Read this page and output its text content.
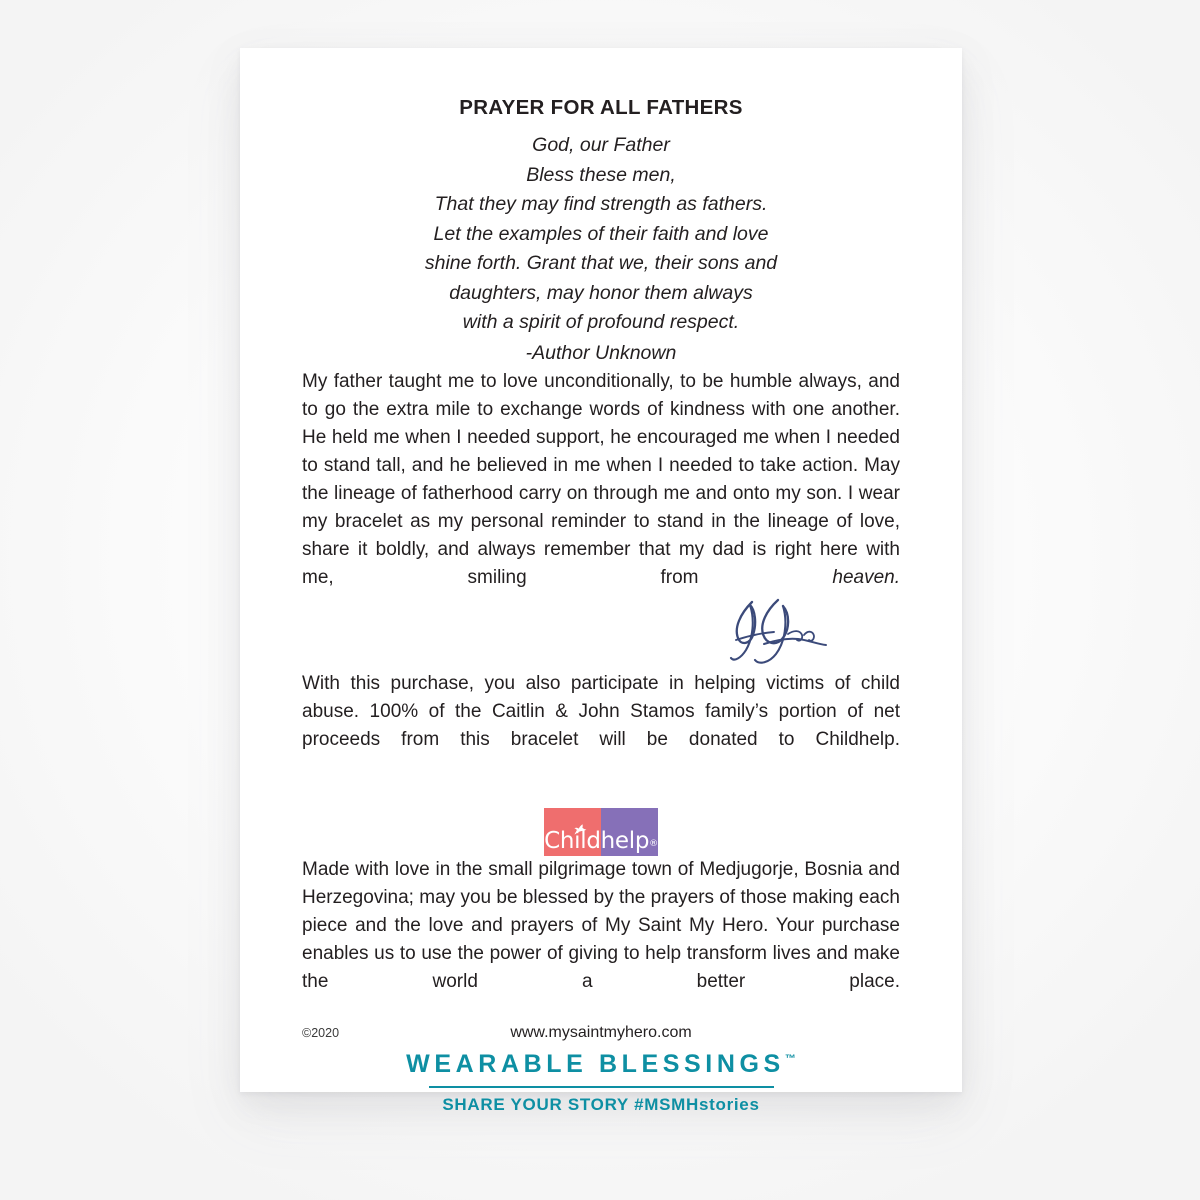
PRAYER FOR ALL FATHERS
God, our Father
Bless these men,
That they may find strength as fathers.
Let the examples of their faith and love
shine forth. Grant that we, their sons and
daughters, may honor them always
with a spirit of profound respect.
-Author Unknown

My father taught me to love unconditionally, to be humble always, and to go the extra mile to exchange words of kindness with one another. He held me when I needed support, he encouraged me when I needed to stand tall, and he believed in me when I needed to take action. May the lineage of fatherhood carry on through me and onto my son. I wear my bracelet as my personal reminder to stand in the lineage of love, share it boldly, and always remember that my dad is right here with me, smiling from heaven.

With this purchase, you also participate in helping victims of child abuse. 100% of the Caitlin & John Stamos family’s portion of net proceeds from this bracelet will be donated to Childhelp.

Childhelp®

Made with love in the small pilgrimage town of Medjugorje, Bosnia and Herzegovina; may you be blessed by the prayers of those making each piece and the love and prayers of My Saint My Hero. Your purchase enables us to use the power of giving to help transform lives and make the world a better place.

WEARABLE BLESSINGS™
SHARE YOUR STORY #MSMHstories
©2020	www.mysaintmyhero.com
